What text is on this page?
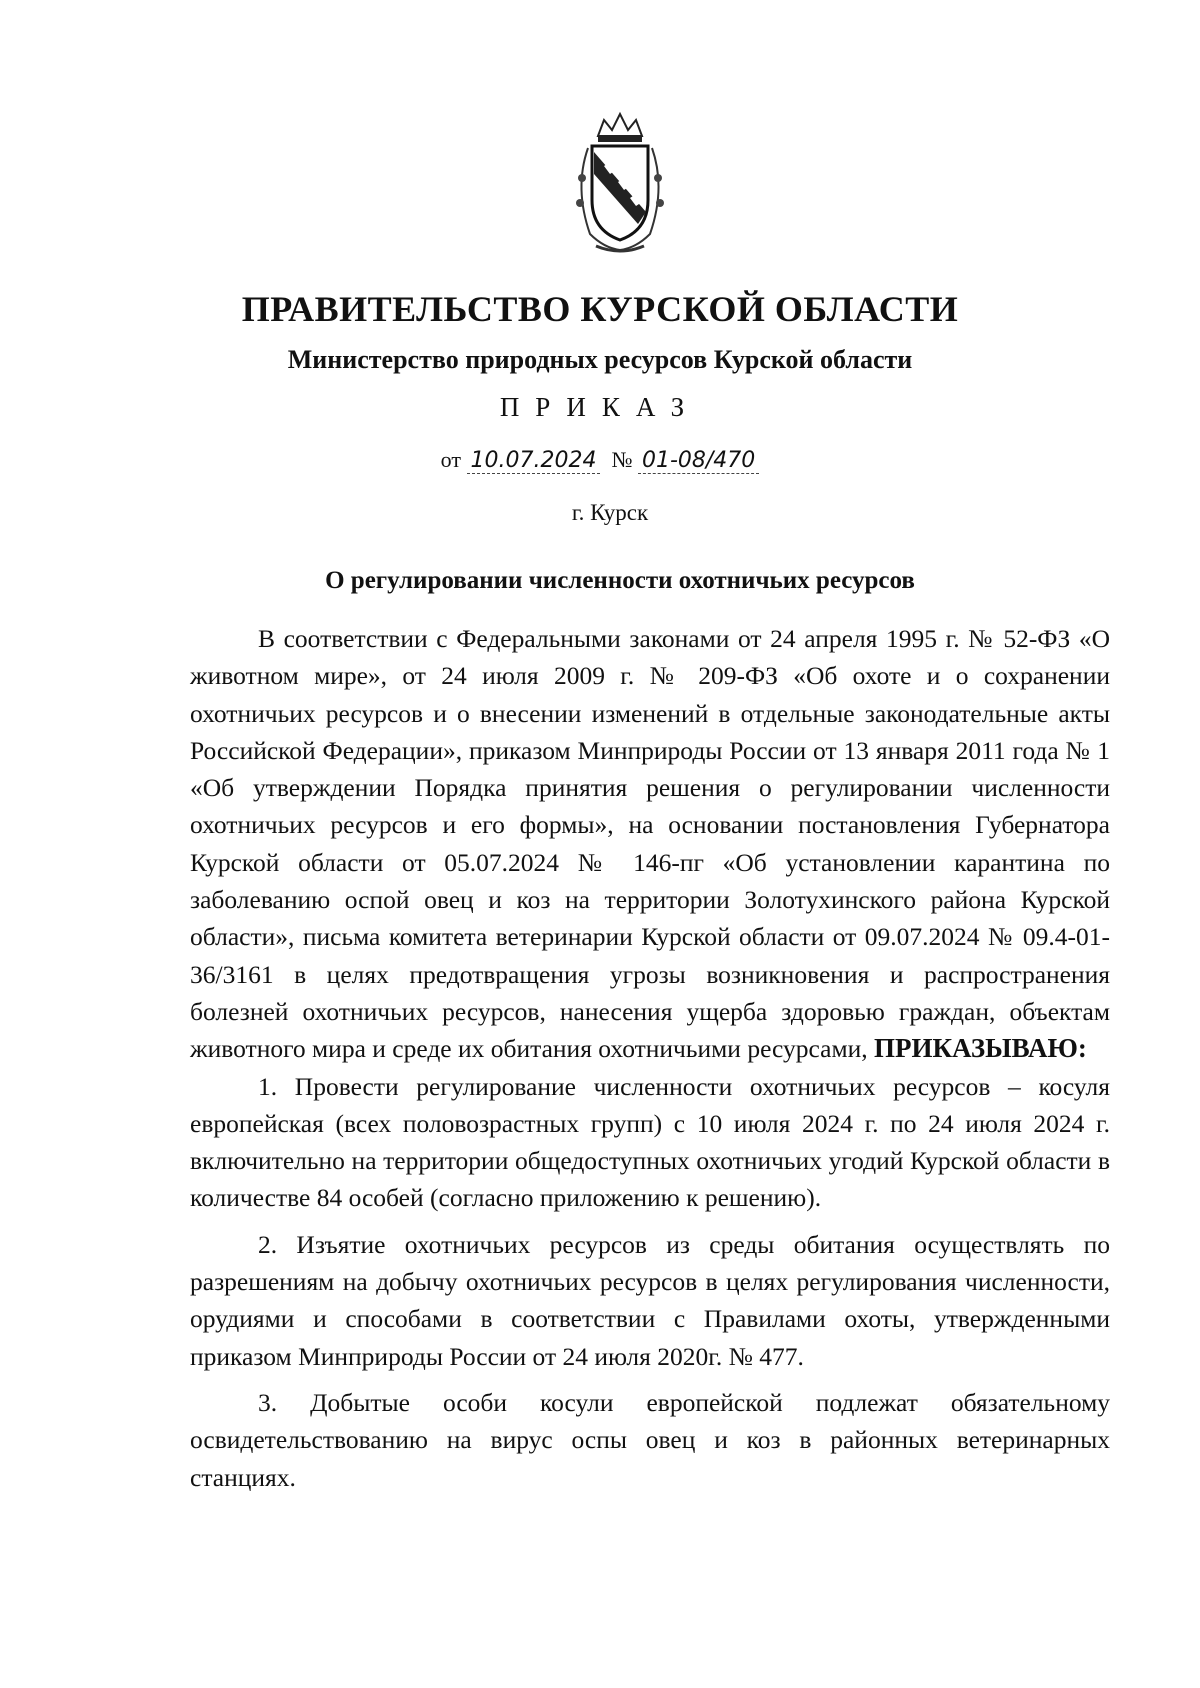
ПРАВИТЕЛЬСТВО КУРСКОЙ ОБЛАСТИ
Министерство природных ресурсов Курской области
ПРИКАЗ
от 10.07.2024 № 01-08/470
г. Курск
О регулировании численности охотничьих ресурсов

В соответствии с Федеральными законами от 24 апреля 1995 г. № 52-ФЗ «О животном мире», от 24 июля 2009 г. № 209-ФЗ «Об охоте и о сохранении охотничьих ресурсов и о внесении изменений в отдельные законодательные акты Российской Федерации», приказом Минприроды России от 13 января 2011 года № 1 «Об утверждении Порядка принятия решения о регулировании численности охотничьих ресурсов и его формы», на основании постановления Губернатора Курской области от 05.07.2024 № 146-пг «Об установлении карантина по заболеванию оспой овец и коз на территории Золотухинского района Курской области», письма комитета ветеринарии Курской области от 09.07.2024 № 09.4-01-36/3161 в целях предотвращения угрозы возникновения и распространения болезней охотничьих ресурсов, нанесения ущерба здоровью граждан, объектам животного мира и среде их обитания охотничьими ресурсами, ПРИКАЗЫВАЮ:

1. Провести регулирование численности охотничьих ресурсов – косуля европейская (всех половозрастных групп) с 10 июля 2024 г. по 24 июля 2024 г. включительно на территории общедоступных охотничьих угодий Курской области в количестве 84 особей (согласно приложению к решению).

2. Изъятие охотничьих ресурсов из среды обитания осуществлять по разрешениям на добычу охотничьих ресурсов в целях регулирования численности, орудиями и способами в соответствии с Правилами охоты, утвержденными приказом Минприроды России от 24 июля 2020г. № 477.

3. Добытые особи косули европейской подлежат обязательному освидетельствованию на вирус оспы овец и коз в районных ветеринарных станциях.
